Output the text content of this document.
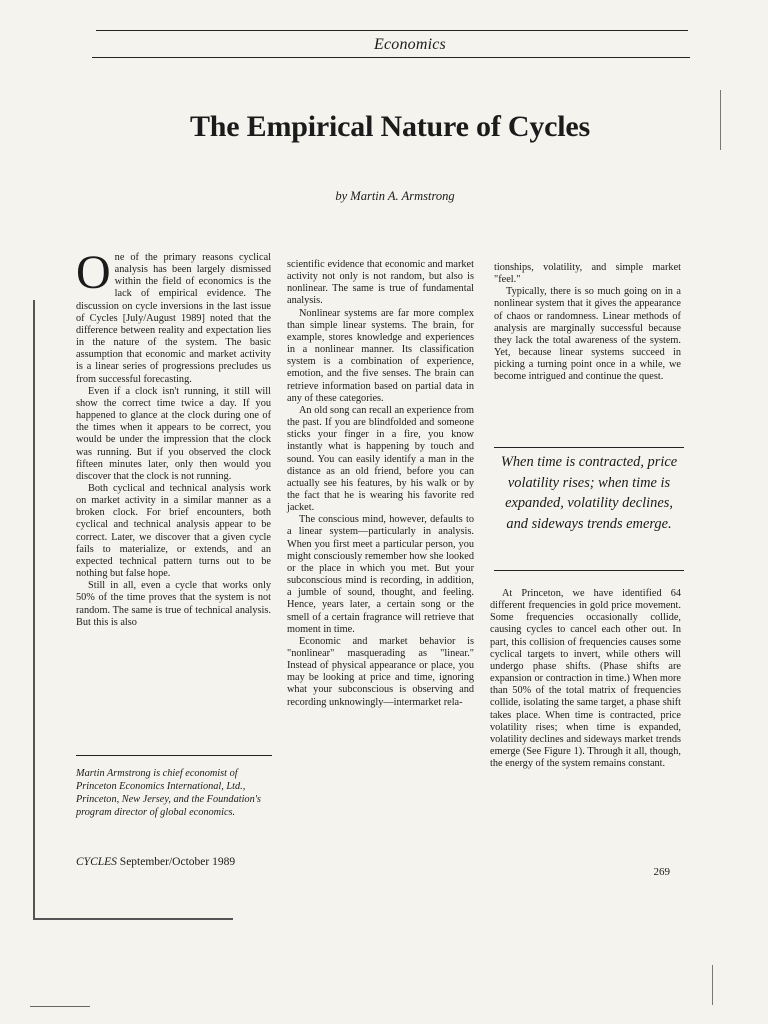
Economics
The Empirical Nature of Cycles
by Martin A. Armstrong

One of the primary reasons cyclical analysis has been largely dismissed within the field of economics is the lack of empirical evidence. The discussion on cycle inversions in the last issue of Cycles [July/August 1989] noted that the difference between reality and expectation lies in the nature of the system. The basic assumption that economic and market activity is a linear series of progressions precludes us from successful forecasting.

Even if a clock isn't running, it still will show the correct time twice a day. If you happened to glance at the clock during one of the times when it appears to be correct, you would be under the impression that the clock was running. But if you observed the clock fifteen minutes later, only then would you discover that the clock is not running.

Both cyclical and technical analysis work on market activity in a similar manner as a broken clock. For brief encounters, both cyclical and technical analysis appear to be correct. Later, we discover that a given cycle fails to materialize, or extends, and an expected technical pattern turns out to be nothing but false hope.

Still in all, even a cycle that works only 50% of the time proves that the system is not random. The same is true of technical analysis. But this is also

Martin Armstrong is chief economist of Princeton Economics International, Ltd., Princeton, New Jersey, and the Foundation's program director of global economics.

scientific evidence that economic and market activity not only is not random, but also is nonlinear. The same is true of fundamental analysis.

Nonlinear systems are far more complex than simple linear systems. The brain, for example, stores knowledge and experiences in a nonlinear manner. Its classification system is a combination of experience, emotion, and the five senses. The brain can retrieve information based on partial data in any of these categories.

An old song can recall an experience from the past. If you are blindfolded and someone sticks your finger in a fire, you know instantly what is happening by touch and sound. You can easily identify a man in the distance as an old friend, before you can actually see his features, by his walk or by the fact that he is wearing his favorite red jacket.

The conscious mind, however, defaults to a linear system—particularly in analysis. When you first meet a particular person, you might consciously remember how she looked or the place in which you met. But your subconscious mind is recording, in addition, a jumble of sound, thought, and feeling. Hence, years later, a certain song or the smell of a certain fragrance will retrieve that moment in time.

Economic and market behavior is "nonlinear" masquerading as "linear." Instead of physical appearance or place, you may be looking at price and time, ignoring what your subconscious is observing and recording unknowingly—intermarket rela-

tionships, volatility, and simple market "feel."

Typically, there is so much going on in a nonlinear system that it gives the appearance of chaos or randomness. Linear methods of analysis are marginally successful because they lack the total awareness of the system. Yet, because linear systems succeed in picking a turning point once in a while, we become intrigued and continue the quest.

When time is contracted, price volatility rises; when time is expanded, volatility declines, and sideways trends emerge.

At Princeton, we have identified 64 different frequencies in gold price movement. Some frequencies occasionally collide, causing cycles to cancel each other out. In part, this collision of frequencies causes some cyclical targets to invert, while others will undergo phase shifts. (Phase shifts are expansion or contraction in time.) When more than 50% of the total matrix of frequencies collide, isolating the same target, a phase shift takes place. When time is contracted, price volatility rises; when time is expanded, volatility declines and sideways market trends emerge (See Figure 1). Through it all, though, the energy of the system remains constant.

CYCLES September/October 1989
269
